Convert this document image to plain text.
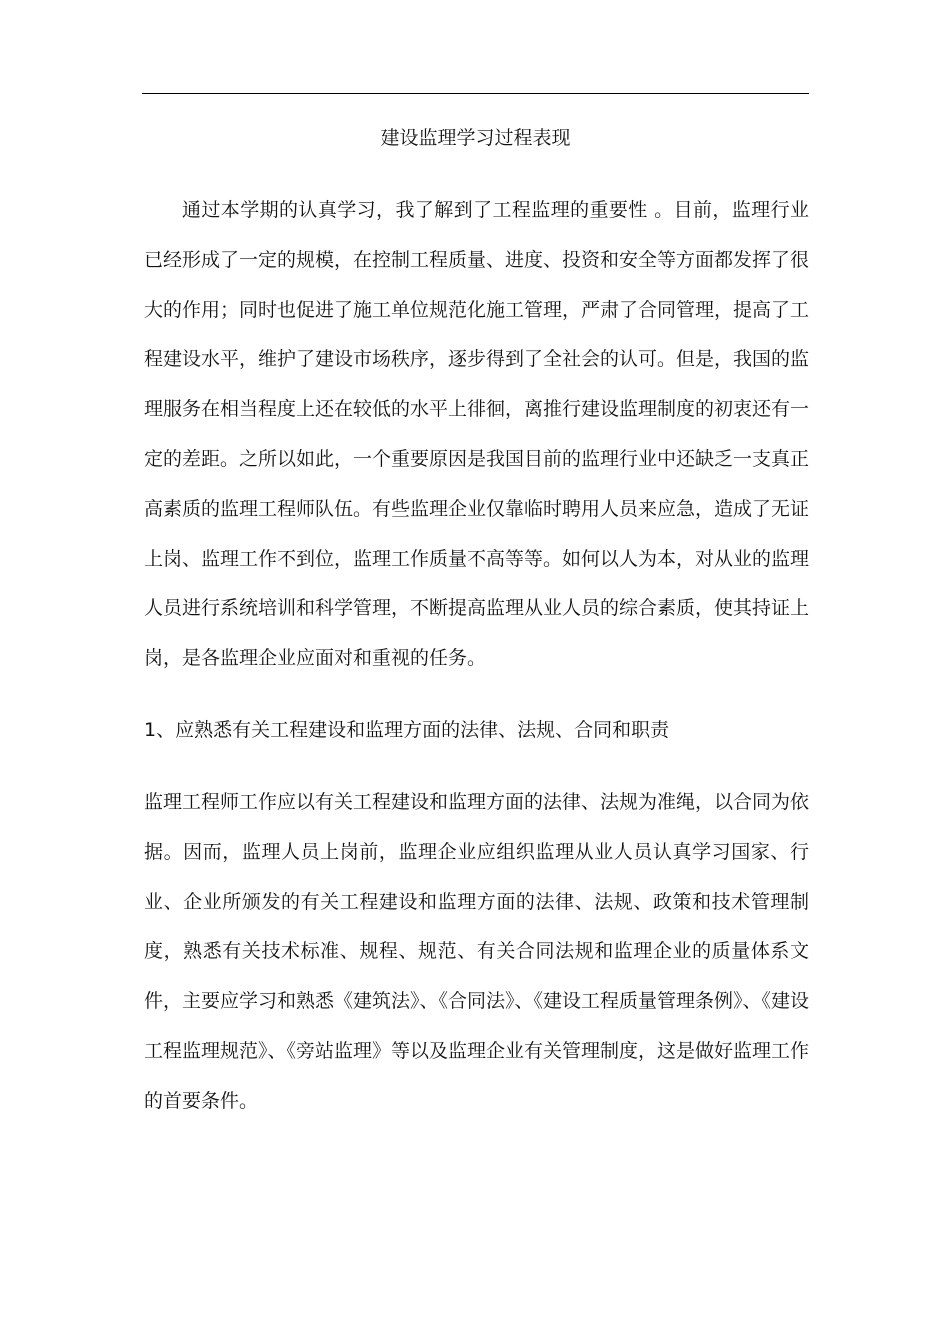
建设监理学习过程表现

通过本学期的认真学习，我了解到了工程监理的重要性 。目前，监理行业已经形成了一定的规模，在控制工程质量、进度、投资和安全等方面都发挥了很大的作用；同时也促进了施工单位规范化施工管理，严肃了合同管理，提高了工程建设水平，维护了建设市场秩序，逐步得到了全社会的认可。但是，我国的监理服务在相当程度上还在较低的水平上徘徊，离推行建设监理制度的初衷还有一定的差距。之所以如此，一个重要原因是我国目前的监理行业中还缺乏一支真正高素质的监理工程师队伍。有些监理企业仅靠临时聘用人员来应急，造成了无证上岗、监理工作不到位，监理工作质量不高等等。如何以人为本，对从业的监理人员进行系统培训和科学管理，不断提高监理从业人员的综合素质，使其持证上岗，是各监理企业应面对和重视的任务。

1、应熟悉有关工程建设和监理方面的法律、法规、合同和职责

监理工程师工作应以有关工程建设和监理方面的法律、法规为准绳，以合同为依据。因而，监理人员上岗前，监理企业应组织监理从业人员认真学习国家、行业、企业所颁发的有关工程建设和监理方面的法律、法规、政策和技术管理制度，熟悉有关技术标准、规程、规范、有关合同法规和监理企业的质量体系文件，主要应学习和熟悉《建筑法》、《合同法》、《建设工程质量管理条例》、《建设工程监理规范》、《旁站监理》等以及监理企业有关管理制度，这是做好监理工作的首要条件。
